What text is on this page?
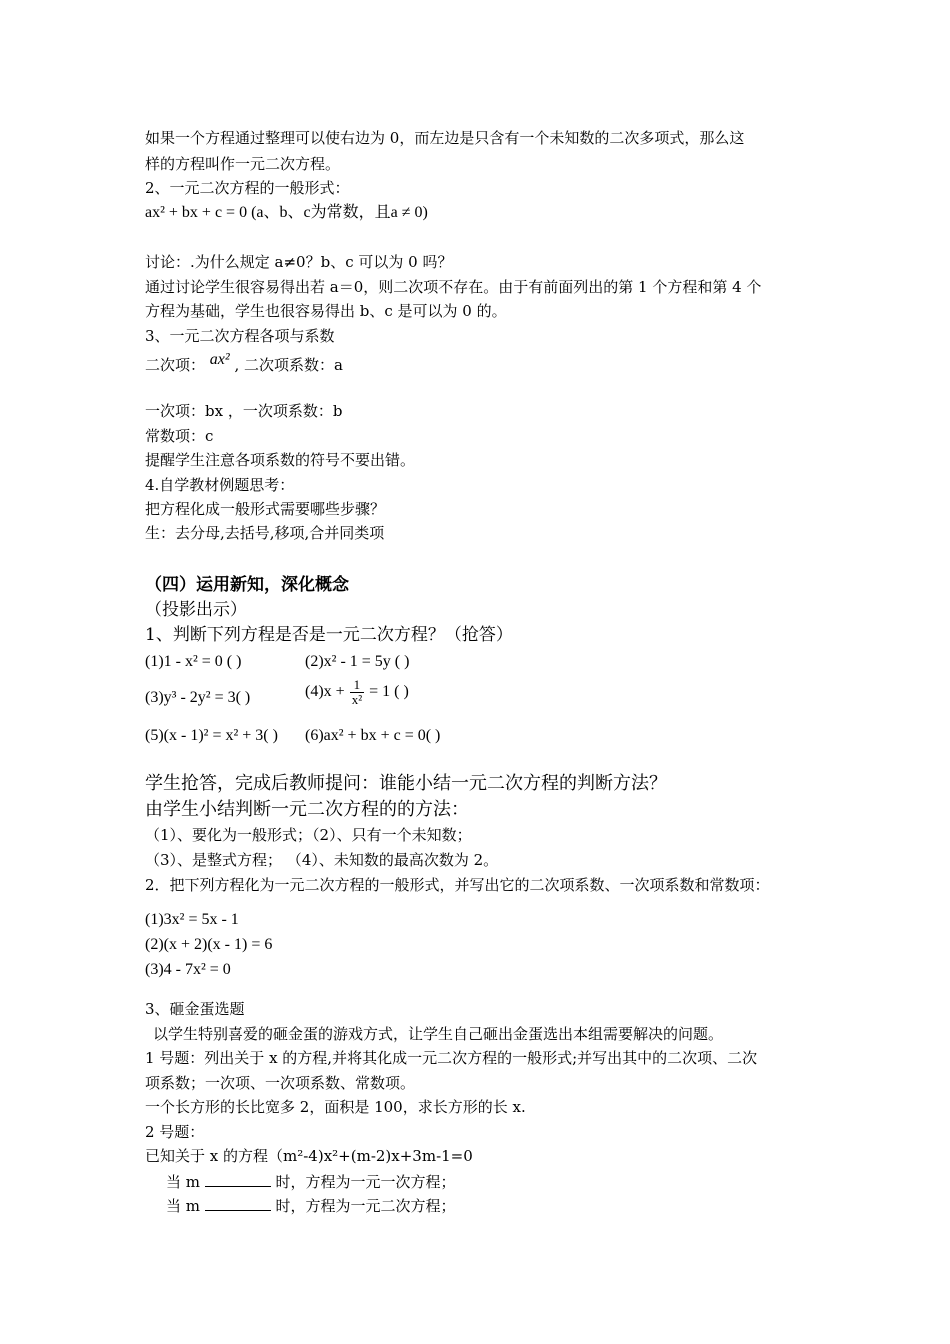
如果一个方程通过整理可以使右边为 0，而左边是只含有一个未知数的二次多项式，那么这
样的方程叫作一元二次方程。
2、一元二次方程的一般形式：
ax² + bx + c = 0 (a、b、c为常数，且a ≠ 0)
讨论：.为什么规定 a≠0？b、c 可以为 0 吗？
通过讨论学生很容易得出若 a＝0，则二次项不存在。由于有前面列出的第 1 个方程和第 4 个
方程为基础，学生也很容易得出 b、c 是可以为 0 的。
3、一元二次方程各项与系数
二次项： ax² , 二次项系数：a
一次项：bx ，一次项系数：b
常数项：c
提醒学生注意各项系数的符号不要出错。
4.自学教材例题思考：
把方程化成一般形式需要哪些步骤？
生：去分母,去括号,移项,合并同类项
（四）运用新知，深化概念
（投影出示）
1、判断下列方程是否是一元二次方程？（抢答）
(1)1 - x² = 0 ( )	(2)x² - 1 = 5y ( )
(3)y³ - 2y² = 3( )	$(4)x + \frac{1}{\text{x²}} = 1$ ( )
(5)(x - 1)² = x² + 3( ) (6)ax² + bx + c = 0( )
学生抢答，完成后教师提问：谁能小结一元二次方程的判断方法？
由学生小结判断一元二次方程的的方法：
（1）、要化为一般形式；（2）、只有一个未知数；
（3）、是整式方程； （4）、未知数的最高次数为 2。
2．把下列方程化为一元二次方程的一般形式，并写出它的二次项系数、一次项系数和常数项：
(1)3x² = 5x - 1
(2)(x + 2)(x - 1) = 6
(3)4 - 7x² = 0
3、砸金蛋选题
以学生特别喜爱的砸金蛋的游戏方式，让学生自己砸出金蛋选出本组需要解决的问题。
1 号题：列出关于 x 的方程,并将其化成一元二次方程的一般形式;并写出其中的二次项、二次
项系数；一次项、一次项系数、常数项。
一个长方形的长比宽多 2，面积是 100，求长方形的长 x.
2 号题：
已知关于 x 的方程（m²-4)x²+(m-2)x+3m-1=0
当 m	时，方程为一元一次方程；
当 m	时，方程为一元二次方程；
